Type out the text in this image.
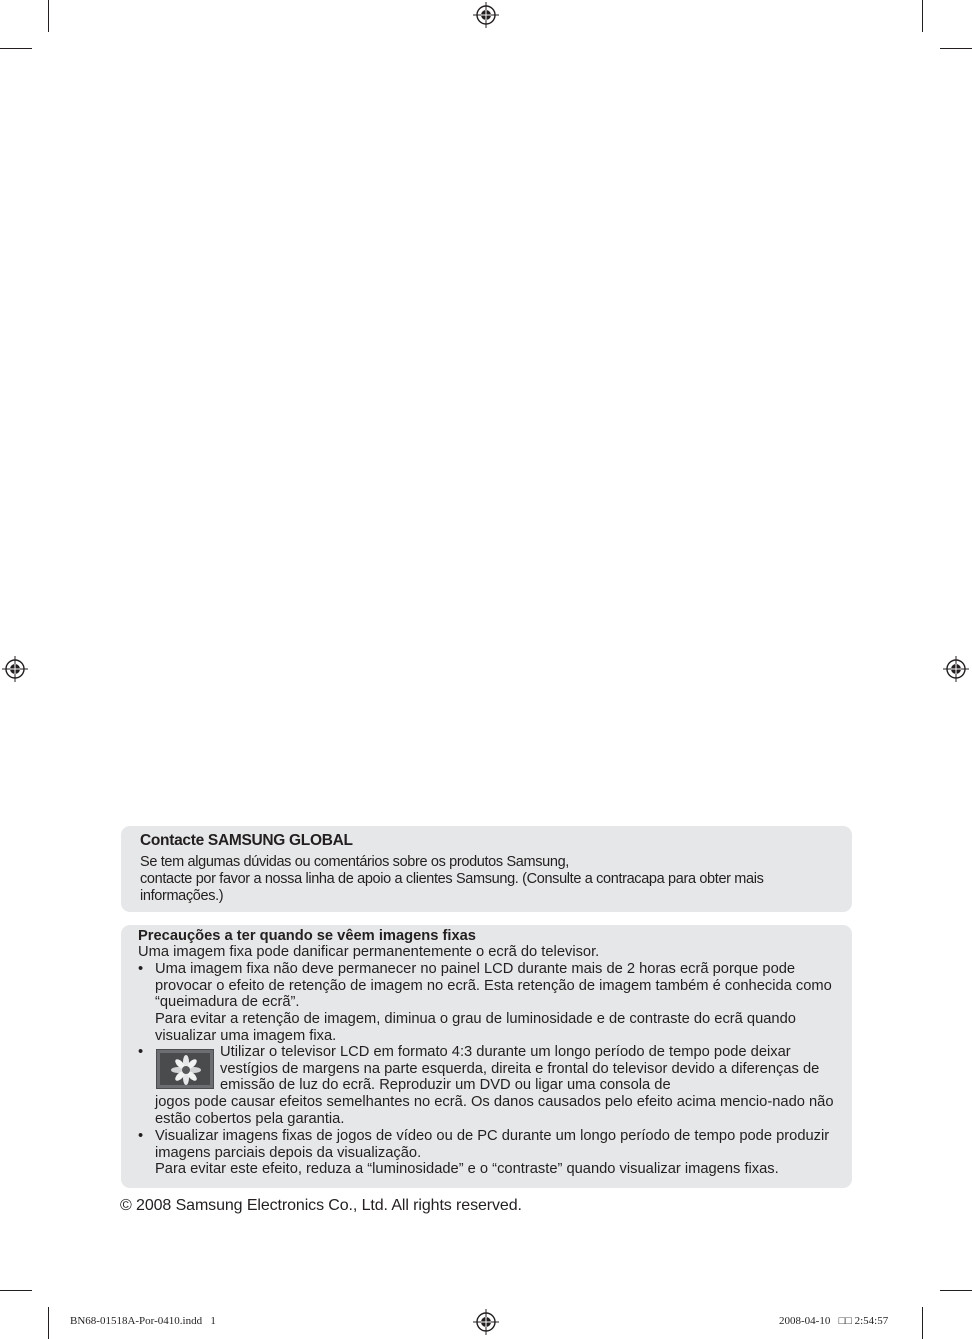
Contacte SAMSUNG GLOBAL
Se tem algumas dúvidas ou comentários sobre os produtos Samsung,
contacte por favor a nossa linha de apoio a clientes Samsung. (Consulte a contracapa para obter mais informações.)
Precauções a ter quando se vêem imagens fixas
Uma imagem fixa pode danificar permanentemente o ecrã do televisor.
• Uma imagem fixa não deve permanecer no painel LCD durante mais de 2 horas ecrã porque pode provocar o efeito de retenção de imagem no ecrã. Esta retenção de imagem também é conhecida como “queimadura de ecrã”.
Para evitar a retenção de imagem, diminua o grau de luminosidade e de contraste do ecrã quando visualizar uma imagem fixa.
•	Utilizar o televisor LCD em formato 4:3 durante um longo período de tempo pode deixar vestígios de margens na parte esquerda, direita e frontal do televisor devido a diferenças de emissão de luz do ecrã. Reproduzir um DVD ou ligar uma consola de
jogos pode causar efeitos semelhantes no ecrã. Os danos causados pelo efeito acima mencio-nado não estão cobertos pela garantia.
• Visualizar imagens fixas de jogos de vídeo ou de PC durante um longo período de tempo pode produzir imagens parciais depois da visualização.
Para evitar este efeito, reduza a “luminosidade” e o “contraste” quando visualizar imagens fixas.
© 2008 Samsung Electronics Co., Ltd. All rights reserved.
BN68-01518A-Por-0410.indd   1	2008-04-10   □□ 2:54:57
